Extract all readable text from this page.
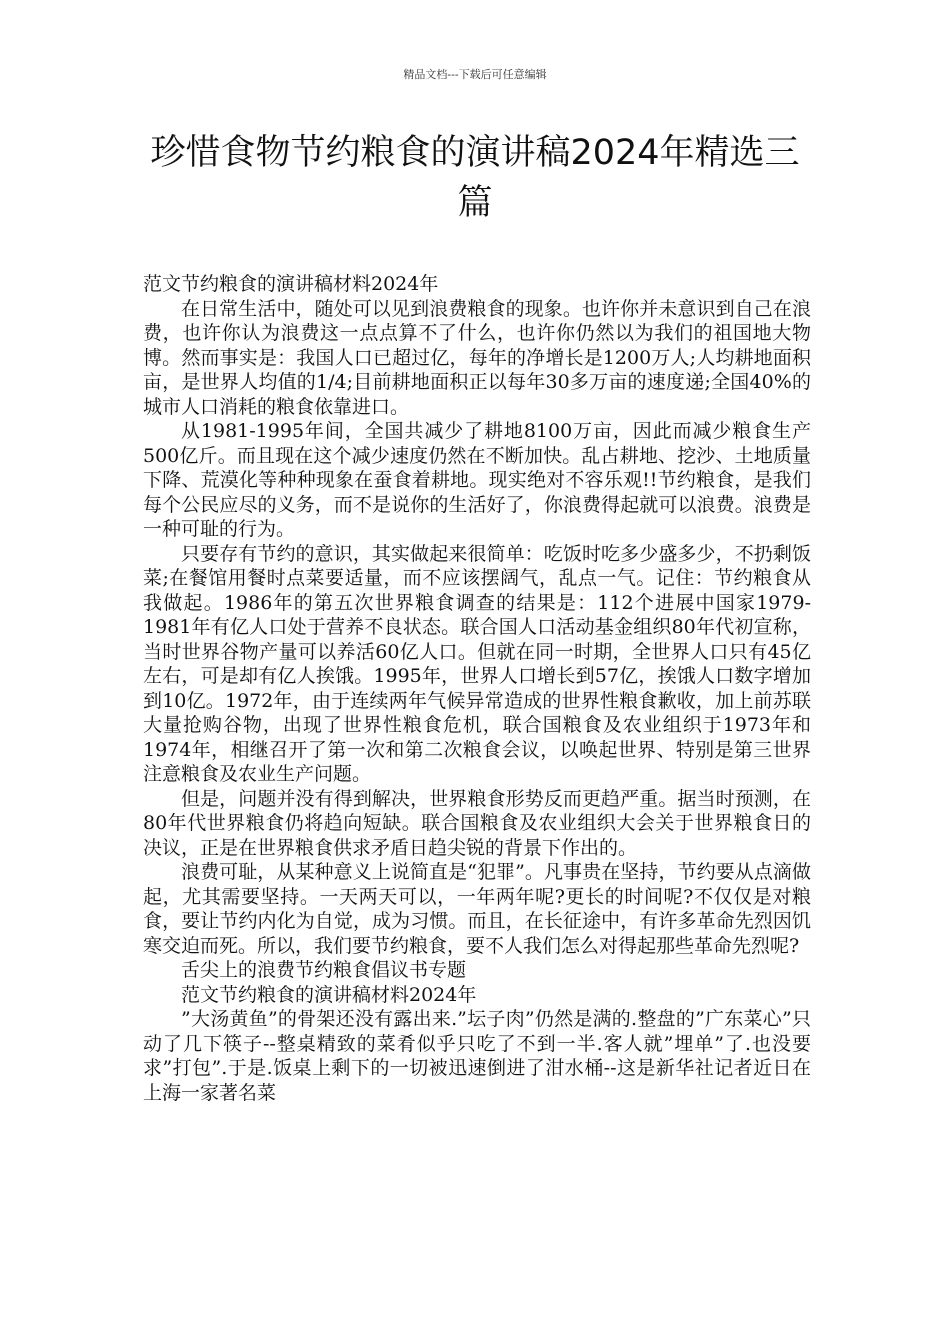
精品文档---下载后可任意编辑
珍惜食物节约粮食的演讲稿2024年精选三篇

范文节约粮食的演讲稿材料2024年

在日常生活中，随处可以见到浪费粮食的现象。也许你并未意识到自己在浪费，也许你认为浪费这一点点算不了什么，也许你仍然以为我们的祖国地大物博。然而事实是：我国人口已超过亿，每年的净增长是1200万人;人均耕地面积亩，是世界人均值的1/4;目前耕地面积正以每年30多万亩的速度递;全国40%的城市人口消耗的粮食依靠进口。

从1981-1995年间，全国共减少了耕地8100万亩，因此而减少粮食生产500亿斤。而且现在这个减少速度仍然在不断加快。乱占耕地、挖沙、土地质量下降、荒漠化等种种现象在蚕食着耕地。现实绝对不容乐观!!节约粮食，是我们每个公民应尽的义务，而不是说你的生活好了，你浪费得起就可以浪费。浪费是一种可耻的行为。

只要存有节约的意识，其实做起来很简单：吃饭时吃多少盛多少，不扔剩饭菜;在餐馆用餐时点菜要适量，而不应该摆阔气，乱点一气。记住：节约粮食从我做起。1986年的第五次世界粮食调查的结果是：112个进展中国家1979-1981年有亿人口处于营养不良状态。联合国人口活动基金组织80年代初宣称，当时世界谷物产量可以养活60亿人口。但就在同一时期，全世界人口只有45亿左右，可是却有亿人挨饿。1995年，世界人口增长到57亿，挨饿人口数字增加到10亿。1972年，由于连续两年气候异常造成的世界性粮食歉收，加上前苏联大量抢购谷物，出现了世界性粮食危机，联合国粮食及农业组织于1973年和1974年，相继召开了第一次和第二次粮食会议，以唤起世界、特别是第三世界注意粮食及农业生产问题。

但是，问题并没有得到解决，世界粮食形势反而更趋严重。据当时预测，在80年代世界粮食仍将趋向短缺。联合国粮食及农业组织大会关于世界粮食日的决议，正是在世界粮食供求矛盾日趋尖锐的背景下作出的。

浪费可耻，从某种意义上说简直是“犯罪”。凡事贵在坚持，节约要从点滴做起，尤其需要坚持。一天两天可以，一年两年呢?更长的时间呢?不仅仅是对粮食，要让节约内化为自觉，成为习惯。而且，在长征途中，有许多革命先烈因饥寒交迫而死。所以，我们要节约粮食，要不人我们怎么对得起那些革命先烈呢?

舌尖上的浪费节约粮食倡议书专题

范文节约粮食的演讲稿材料2024年

”大汤黄鱼”的骨架还没有露出来.”坛子肉”仍然是满的.整盘的”广东菜心”只动了几下筷子--整桌精致的菜肴似乎只吃了不到一半.客人就”埋单”了.也没要求”打包”.于是.饭桌上剩下的一切被迅速倒进了泔水桶--这是新华社记者近日在上海一家著名菜
